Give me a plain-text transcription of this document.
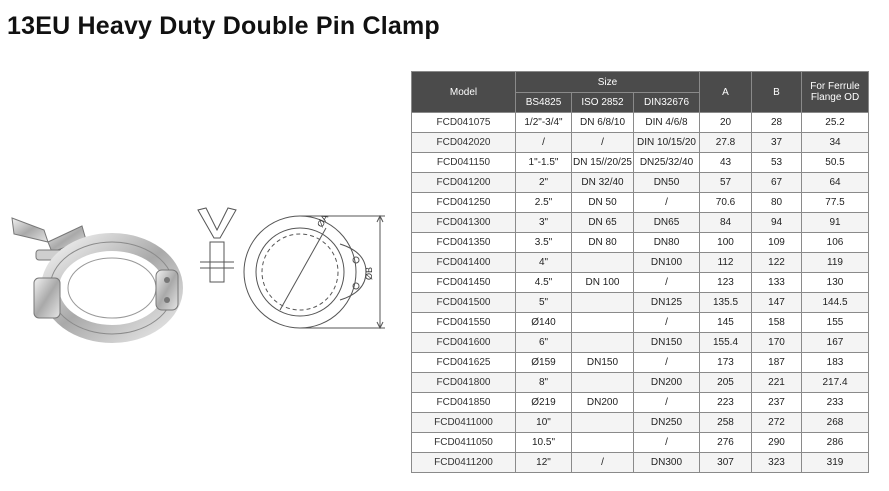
13EU Heavy Duty Double Pin Clamp
ØA
ØB
Model	Size			A	B	For Ferrule
Flange OD
	BS4825	ISO 2852	DIN32676			
FCD041075	1/2"-3/4"	DN 6/8/10	DIN 4/6/8	20	28	25.2
FCD042020	/	/	DIN 10/15/20	27.8	37	34
FCD041150	1"-1.5"	DN 15//20/25	DN25/32/40	43	53	50.5
FCD041200	2"	DN 32/40	DN50	57	67	64
FCD041250	2.5"	DN 50	/	70.6	80	77.5
FCD041300	3"	DN 65	DN65	84	94	91
FCD041350	3.5"	DN 80	DN80	100	109	106
FCD041400	4"		DN100	112	122	119
FCD041450	4.5"	DN 100	/	123	133	130
FCD041500	5"		DN125	135.5	147	144.5
FCD041550	Ø140		/	145	158	155
FCD041600	6"		DN150	155.4	170	167
FCD041625	Ø159	DN150	/	173	187	183
FCD041800	8"		DN200	205	221	217.4
FCD041850	Ø219	DN200	/	223	237	233
FCD0411000	10"		DN250	258	272	268
FCD0411050	10.5"		/	276	290	286
FCD0411200	12"	/	DN300	307	323	319
